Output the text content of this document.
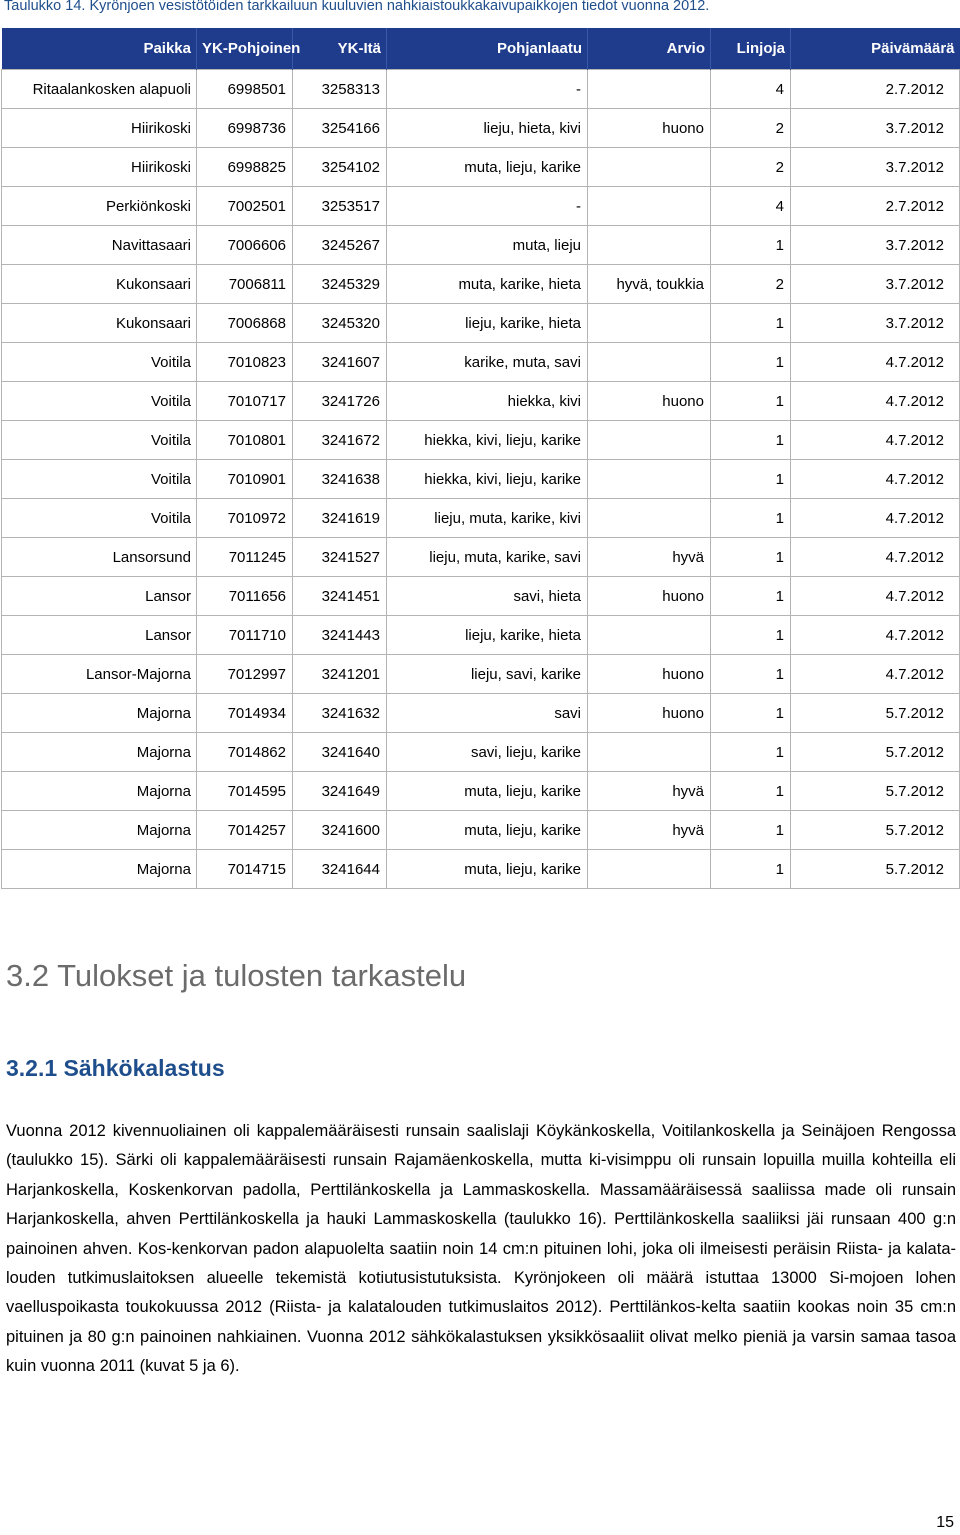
Taulukko 14. Kyrönjoen vesistötöiden tarkkailuun kuuluvien nahkiaistoukkakaivupaikkojen tiedot vuonna 2012.
Paikka	YK-Pohjoinen	YK-Itä	Pohjanlaatu	Arvio	Linjoja	Päivämäärä
Ritaalankosken alapuoli	6998501	3258313	-		4	2.7.2012
Hiirikoski	6998736	3254166	lieju, hieta, kivi	huono	2	3.7.2012
Hiirikoski	6998825	3254102	muta, lieju, karike		2	3.7.2012
Perkiönkoski	7002501	3253517	-		4	2.7.2012
Navittasaari	7006606	3245267	muta, lieju		1	3.7.2012
Kukonsaari	7006811	3245329	muta, karike, hieta	hyvä, toukkia	2	3.7.2012
Kukonsaari	7006868	3245320	lieju, karike, hieta		1	3.7.2012
Voitila	7010823	3241607	karike, muta, savi		1	4.7.2012
Voitila	7010717	3241726	hiekka, kivi	huono	1	4.7.2012
Voitila	7010801	3241672	hiekka, kivi, lieju, karike		1	4.7.2012
Voitila	7010901	3241638	hiekka, kivi, lieju, karike		1	4.7.2012
Voitila	7010972	3241619	lieju, muta, karike, kivi		1	4.7.2012
Lansorsund	7011245	3241527	lieju, muta, karike, savi	hyvä	1	4.7.2012
Lansor	7011656	3241451	savi, hieta	huono	1	4.7.2012
Lansor	7011710	3241443	lieju, karike, hieta		1	4.7.2012
Lansor-Majorna	7012997	3241201	lieju, savi, karike	huono	1	4.7.2012
Majorna	7014934	3241632	savi	huono	1	5.7.2012
Majorna	7014862	3241640	savi, lieju, karike		1	5.7.2012
Majorna	7014595	3241649	muta, lieju, karike	hyvä	1	5.7.2012
Majorna	7014257	3241600	muta, lieju, karike	hyvä	1	5.7.2012
Majorna	7014715	3241644	muta, lieju, karike		1	5.7.2012
3.2 Tulokset ja tulosten tarkastelu
3.2.1 Sähkökalastus

Vuonna 2012 kivennuoliainen oli kappalemääräisesti runsain saalislaji Köykänkoskella, Voitilankoskella ja Seinäjoen Rengossa (taulukko 15). Särki oli kappalemääräisesti runsain Rajamäenkoskella, mutta ki-visimppu oli runsain lopuilla muilla kohteilla eli Harjankoskella, Koskenkorvan padolla, Perttilänkoskella ja Lammaskoskella. Massamääräisessä saaliissa made oli runsain Harjankoskella, ahven Perttilänkoskella ja hauki Lammaskoskella (taulukko 16). Perttilänkoskella saaliiksi jäi runsaan 400 g:n painoinen ahven. Kos-kenkorvan padon alapuolelta saatiin noin 14 cm:n pituinen lohi, joka oli ilmeisesti peräisin Riista- ja kalata-louden tutkimuslaitoksen alueelle tekemistä kotiutusistutuksista. Kyrönjokeen oli määrä istuttaa 13000 Si-mojoen lohen vaelluspoikasta toukokuussa 2012 (Riista- ja kalatalouden tutkimuslaitos 2012). Perttilänkos-kelta saatiin kookas noin 35 cm:n pituinen ja 80 g:n painoinen nahkiainen. Vuonna 2012 sähkökalastuksen yksikkösaaliit olivat melko pieniä ja varsin samaa tasoa kuin vuonna 2011 (kuvat 5 ja 6).

15
